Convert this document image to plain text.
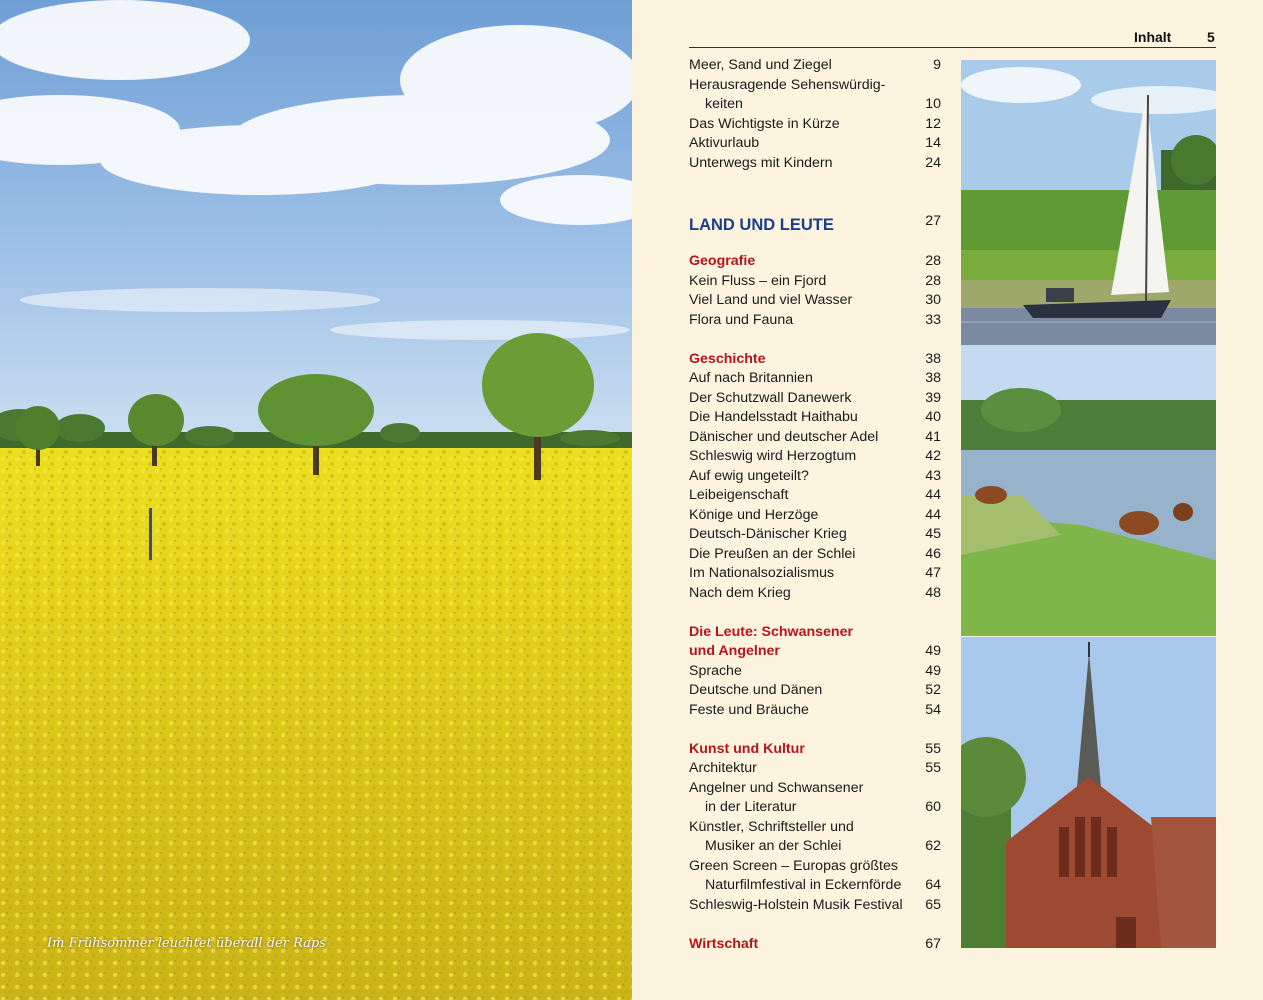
Im Frühsommer leuchtet überall der Raps
Inhalt	5
Meer, Sand und Ziegel	9
Herausragende Sehenswürdig-
keiten	10
Das Wichtigste in Kürze	12
Aktivurlaub	14
Unterwegs mit Kindern	24
LAND UND LEUTE	27
Geografie	28
Kein Fluss – ein Fjord	28
Viel Land und viel Wasser	30
Flora und Fauna	33
Geschichte	38
Auf nach Britannien	38
Der Schutzwall Danewerk	39
Die Handelsstadt Haithabu	40
Dänischer und deutscher Adel	41
Schleswig wird Herzogtum	42
Auf ewig ungeteilt?	43
Leibeigenschaft	44
Könige und Herzöge	44
Deutsch-Dänischer Krieg	45
Die Preußen an der Schlei	46
Im Nationalsozialismus	47
Nach dem Krieg	48
Die Leute: Schwansener
und Angelner	49
Sprache	49
Deutsche und Dänen	52
Feste und Bräuche	54
Kunst und Kultur	55
Architektur	55
Angelner und Schwansener
in der Literatur	60
Künstler, Schriftsteller und
Musiker an der Schlei	62
Green Screen – Europas größtes
Naturfilmfestival in Eckernförde 64
Schleswig-Holstein Musik Festival 65
Wirtschaft	67
